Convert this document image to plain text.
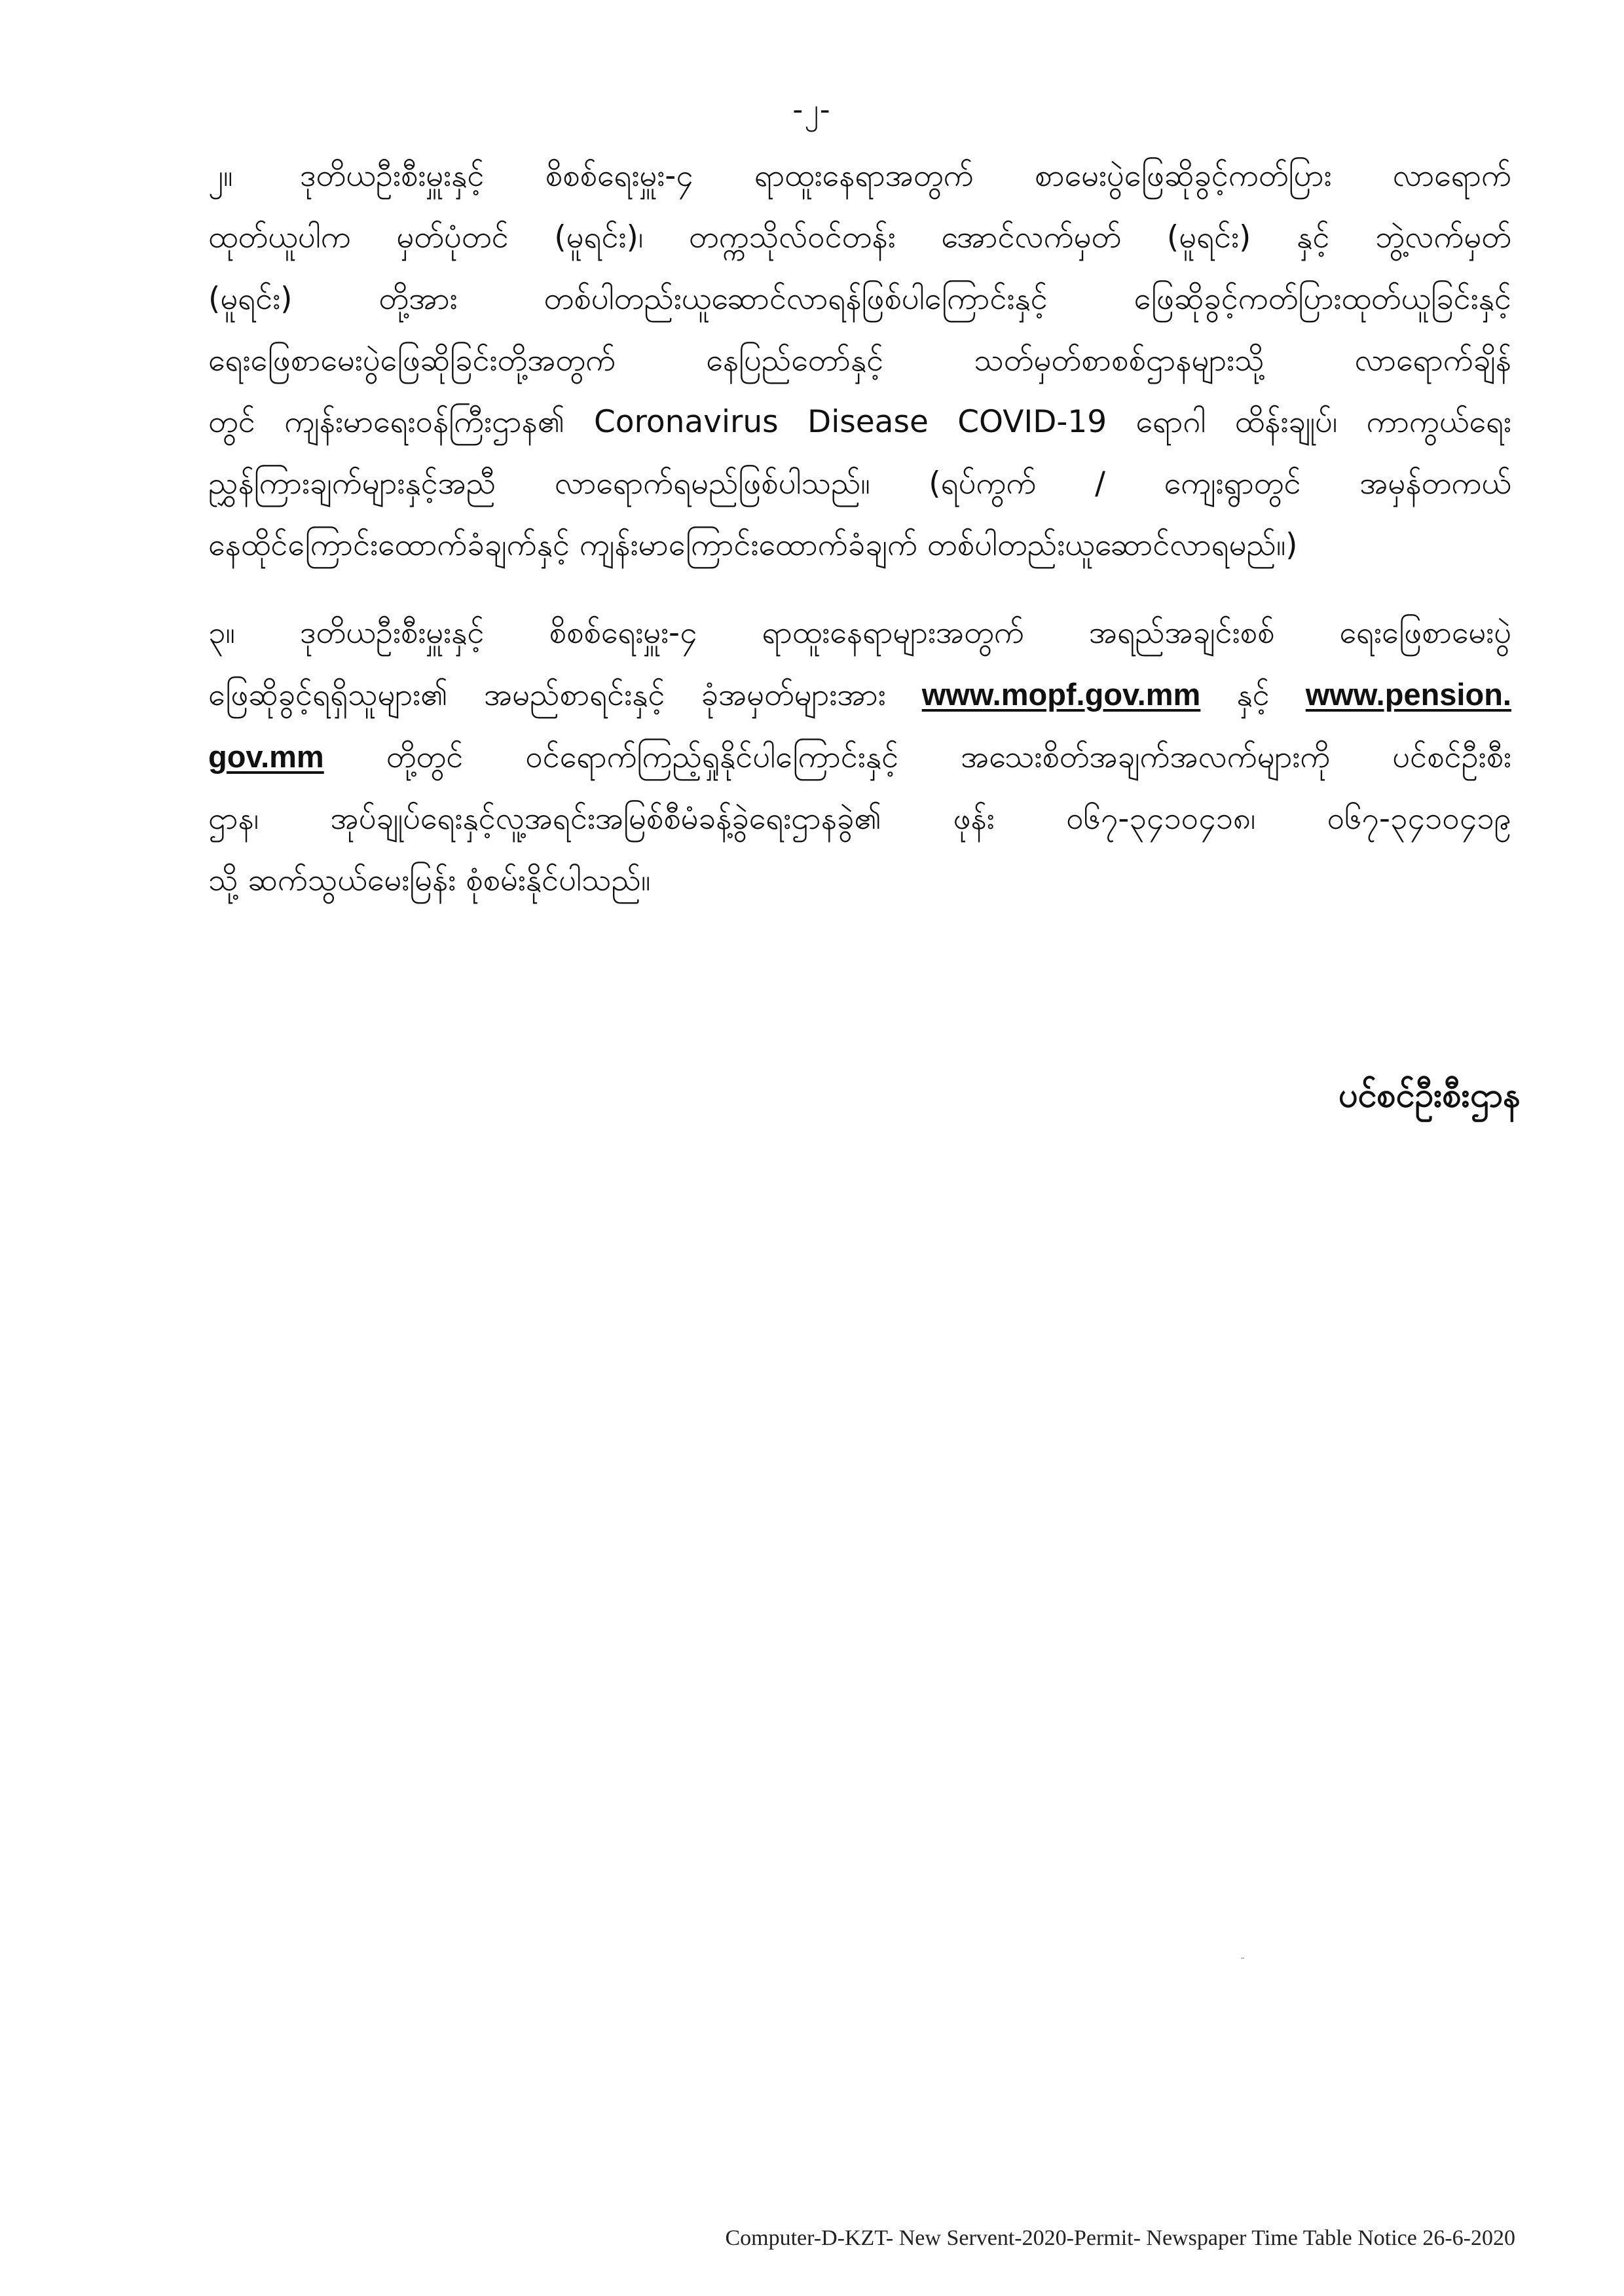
-၂-
၂။ ဒုတိယဦးစီးမှူးနှင့် စိစစ်ရေးမှူး-၄ ရာထူးနေရာအတွက် စာမေးပွဲဖြေဆိုခွင့်ကတ်ပြား လာရောက်
ထုတ်ယူပါက မှတ်ပုံတင် (မူရင်း)၊ တက္ကသိုလ်ဝင်တန်း အောင်လက်မှတ် (မူရင်း) နှင့် ဘွဲ့လက်မှတ်
(မူရင်း) တို့အား တစ်ပါတည်းယူဆောင်လာရန်ဖြစ်ပါကြောင်းနှင့် ဖြေဆိုခွင့်ကတ်ပြားထုတ်ယူခြင်းနှင့်
ရေးဖြေစာမေးပွဲဖြေဆိုခြင်းတို့အတွက် နေပြည်တော်နှင့် သတ်မှတ်စာစစ်ဌာနများသို့ လာရောက်ချိန်
တွင် ကျန်းမာရေးဝန်ကြီးဌာန၏ Coronavirus Disease COVID-19 ရောဂါ ထိန်းချုပ်၊ ကာကွယ်ရေး
ညွှန်ကြားချက်များနှင့်အညီ လာရောက်ရမည်ဖြစ်ပါသည်။ (ရပ်ကွက် / ကျေးရွာတွင် အမှန်တကယ်
နေထိုင်ကြောင်းထောက်ခံချက်နှင့် ကျန်းမာကြောင်းထောက်ခံချက် တစ်ပါတည်းယူဆောင်လာရမည်။)
၃။ ဒုတိယဦးစီးမှူးနှင့် စိစစ်ရေးမှူး-၄ ရာထူးနေရာများအတွက် အရည်အချင်းစစ် ရေးဖြေစာမေးပွဲ
ဖြေဆိုခွင့်ရရှိသူများ၏ အမည်စာရင်းနှင့် ခုံအမှတ်များအား www.mopf.gov.mm နှင့် www.pension.
gov.mm တို့တွင် ဝင်ရောက်ကြည့်ရှုနိုင်ပါကြောင်းနှင့် အသေးစိတ်အချက်အလက်များကို ပင်စင်ဦးစီး
ဌာန၊ အုပ်ချုပ်ရေးနှင့်လူ့အရင်းအမြစ်စီမံခန့်ခွဲရေးဌာနခွဲ၏ ဖုန်း ၀၆၇-၃၄၁၀၄၁၈၊ ၀၆၇-၃၄၁၀၄၁၉
သို့ ဆက်သွယ်မေးမြန်း စုံစမ်းနိုင်ပါသည်။
ပင်စင်ဦးစီးဌာန
Computer-D-KZT- New Servent-2020-Permit- Newspaper Time Table Notice 26-6-2020
